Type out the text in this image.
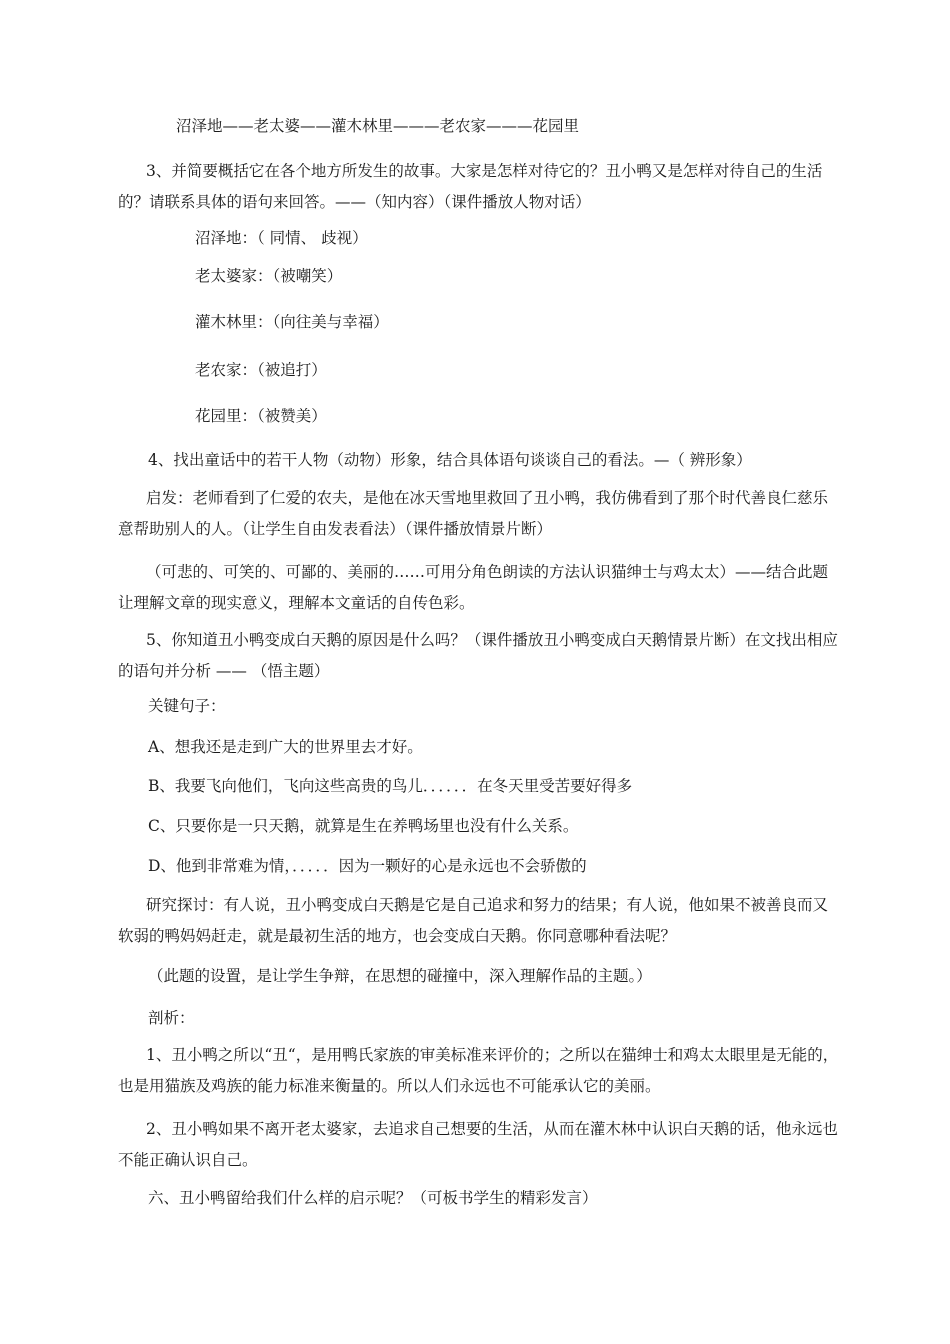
沼泽地——老太婆——灌木林里———老农家———花园里
3、并简要概括它在各个地方所发生的故事。大家是怎样对待它的？丑小鸭又是怎样对待自己的生活的？请联系具体的语句来回答。——（知内容）（课件播放人物对话）
沼泽地：（ 同情、 歧视）
老太婆家：（被嘲笑）
灌木林里：（向往美与幸福）
老农家：（被追打）
花园里：（被赞美）
4、找出童话中的若干人物（动物）形象，结合具体语句谈谈自己的看法。—（ 辨形象）
启发：老师看到了仁爱的农夫，是他在冰天雪地里救回了丑小鸭，我仿佛看到了那个时代善良仁慈乐意帮助别人的人。（让学生自由发表看法）（课件播放情景片断）
（可悲的、可笑的、可鄙的、美丽的……可用分角色朗读的方法认识猫绅士与鸡太太）——结合此题让理解文章的现实意义，理解本文童话的自传色彩。
5、你知道丑小鸭变成白天鹅的原因是什么吗？（课件播放丑小鸭变成白天鹅情景片断）在文找出相应的语句并分析 —— （悟主题）
关键句子：
A、想我还是走到广大的世界里去才好。
B、我要飞向他们，飞向这些高贵的鸟儿．．．．．．在冬天里受苦要好得多
C、只要你是一只天鹅，就算是生在养鸭场里也没有什么关系。
D、他到非常难为情，．．．．．因为一颗好的心是永远也不会骄傲的
研究探讨：有人说，丑小鸭变成白天鹅是它是自己追求和努力的结果；有人说，他如果不被善良而又软弱的鸭妈妈赶走，就是最初生活的地方，也会变成白天鹅。你同意哪种看法呢？
（此题的设置，是让学生争辩，在思想的碰撞中，深入理解作品的主题。）
剖析：
1、丑小鸭之所以“丑“，是用鸭氏家族的审美标准来评价的；之所以在猫绅士和鸡太太眼里是无能的，也是用猫族及鸡族的能力标准来衡量的。所以人们永远也不可能承认它的美丽。
2、丑小鸭如果不离开老太婆家，去追求自己想要的生活，从而在灌木林中认识白天鹅的话，他永远也不能正确认识自己。
六、丑小鸭留给我们什么样的启示呢？（可板书学生的精彩发言）
